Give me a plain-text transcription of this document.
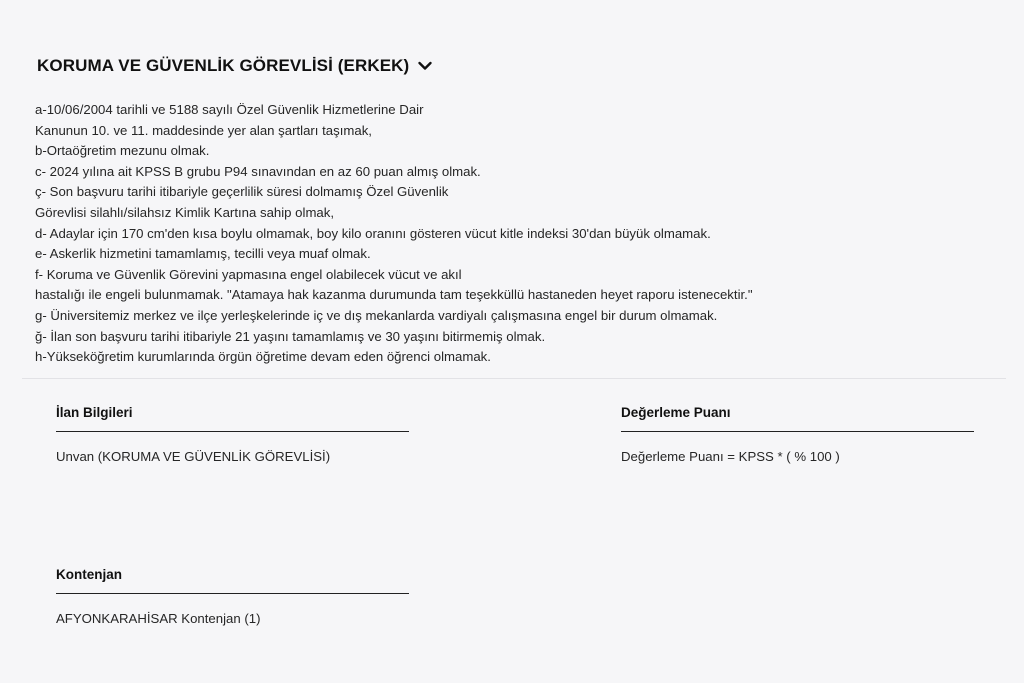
KORUMA VE GÜVENLİK GÖREVLİSİ (ERKEK)
a-10/06/2004 tarihli ve 5188 sayılı Özel Güvenlik Hizmetlerine Dair
Kanunun 10. ve 11. maddesinde yer alan şartları taşımak,
b-Ortaöğretim mezunu olmak.
c- 2024 yılına ait KPSS B grubu P94 sınavından en az 60 puan almış olmak.
ç- Son başvuru tarihi itibariyle geçerlilik süresi dolmamış Özel Güvenlik
Görevlisi silahlı/silahsız Kimlik Kartına sahip olmak,
d- Adaylar için 170 cm'den kısa boylu olmamak, boy kilo oranını gösteren vücut kitle indeksi 30'dan büyük olmamak.
e- Askerlik hizmetini tamamlamış, tecilli veya muaf olmak.
f- Koruma ve Güvenlik Görevini yapmasına engel olabilecek vücut ve akıl
hastalığı ile engeli bulunmamak. "Atamaya hak kazanma durumunda tam teşekküllü hastaneden heyet raporu istenecektir."
g- Üniversitemiz merkez ve ilçe yerleşkelerinde iç ve dış mekanlarda vardiyalı çalışmasına engel bir durum olmamak.
ğ- İlan son başvuru tarihi itibariyle 21 yaşını tamamlamış ve 30 yaşını bitirmemiş olmak.
h-Yükseköğretim kurumlarında örgün öğretime devam eden öğrenci olmamak.
İlan Bilgileri
Unvan (KORUMA VE GÜVENLİK GÖREVLİSİ)
Değerleme Puanı
Değerleme Puanı = KPSS * ( % 100 )
Kontenjan
AFYONKARAHİSAR Kontenjan (1)
